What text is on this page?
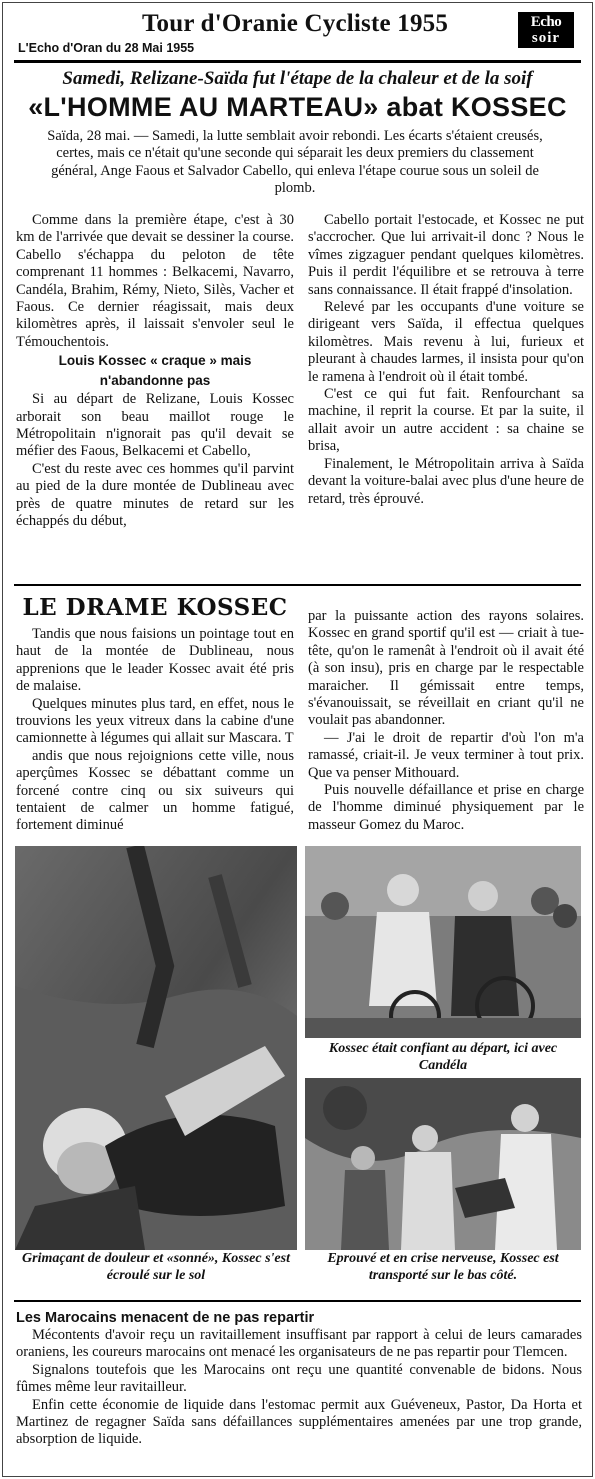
Tour d'Oranie Cycliste 1955
L'Echo d'Oran du 28 Mai 1955
Echo
soir
Samedi, Relizane-Saïda fut l'étape de la chaleur et de la soif
«L'HOMME AU MARTEAU» abat KOSSEC

Saïda, 28 mai. — Samedi, la lutte semblait avoir rebondi. Les écarts s'étaient creusés, certes, mais ce n'était qu'une seconde qui séparait les deux premiers du classement général, Ange Faous et Salvador Cabello, qui enleva l'étape courue sous un soleil de plomb.

Comme dans la première étape, c'est à 30 km de l'arrivée que devait se dessiner la course. Cabello s'échappa du peloton de tête comprenant 11 hommes : Belkacemi, Navarro, Candéla, Brahim, Rémy, Nieto, Silès, Vacher et Faous. Ce dernier réagissait, mais deux kilomètres après, il laissait s'envoler seul le Témouchentois.

Louis Kossec « craque » mais n'abandonne pas

Si au départ de Relizane, Louis Kossec arborait son beau maillot rouge le Métropolitain n'ignorait pas qu'il devait se méfier des Faous, Belkacemi et Cabello,

C'est du reste avec ces hommes qu'il parvint au pied de la dure montée de Dublineau avec près de quatre minutes de retard sur les échappés du début,

Cabello portait l'estocade, et Kossec ne put s'accrocher. Que lui arrivait-il donc ? Nous le vîmes zigzaguer pendant quelques kilomètres. Puis il perdit l'équilibre et se retrouva à terre sans connaissance. Il était frappé d'insolation.

Relevé par les occupants d'une voiture se dirigeant vers Saïda, il effectua quelques kilomètres. Mais revenu à lui, furieux et pleurant à chaudes larmes, il insista pour qu'on le ramena à l'endroit où il était tombé.

C'est ce qui fut fait. Renfourchant sa machine, il reprit la course. Et par la suite, il allait avoir un autre accident : sa chaine se brisa,

Finalement, le Métropolitain arriva à Saïda devant la voiture-balai avec plus d'une heure de retard, très éprouvé.

LE DRAME KOSSEC

Tandis que nous faisions un pointage tout en haut de la montée de Dublineau, nous apprenions que le leader Kossec avait été pris de malaise.

Quelques minutes plus tard, en effet, nous le trouvions les yeux vitreux dans la cabine d'une camionnette à légumes qui allait sur Mascara. T

andis que nous rejoignions cette ville, nous aperçûmes Kossec se débattant comme un forcené contre cinq ou six suiveurs qui tentaient de calmer un homme fatigué, fortement diminué

par la puissante action des rayons solaires. Kossec en grand sportif qu'il est — criait à tue-tête, qu'on le ramenât à l'endroit où il avait été (à son insu), pris en charge par le respectable maraicher. Il gémissait entre temps, s'évanouissait, se réveillait en criant qu'il ne voulait pas abandonner.

— J'ai le droit de repartir d'où l'on m'a ramassé, criait-il. Je veux terminer à tout prix. Que va penser Mithouard.

Puis nouvelle défaillance et prise en charge de l'homme diminué physiquement par le masseur Gomez du Maroc.

Grimaçant de douleur et «sonné», Kossec s'est écroulé sur le sol
Kossec était confiant au départ, ici avec Candéla
Eprouvé et en crise nerveuse, Kossec est transporté sur le bas côté.
Les Marocains menacent de ne pas repartir

Mécontents d'avoir reçu un ravitaillement insuffisant par rapport à celui de leurs camarades oraniens, les coureurs marocains ont menacé les organisateurs de ne pas repartir pour Tlemcen.

Signalons toutefois que les Marocains ont reçu une quantité convenable de bidons. Nous fûmes même leur ravitailleur.

Enfin cette économie de liquide dans l'estomac permit aux Guéveneux, Pastor, Da Horta et Martinez de regagner Saïda sans défaillances supplémentaires amenées par une trop grande, absorption de liquide.
